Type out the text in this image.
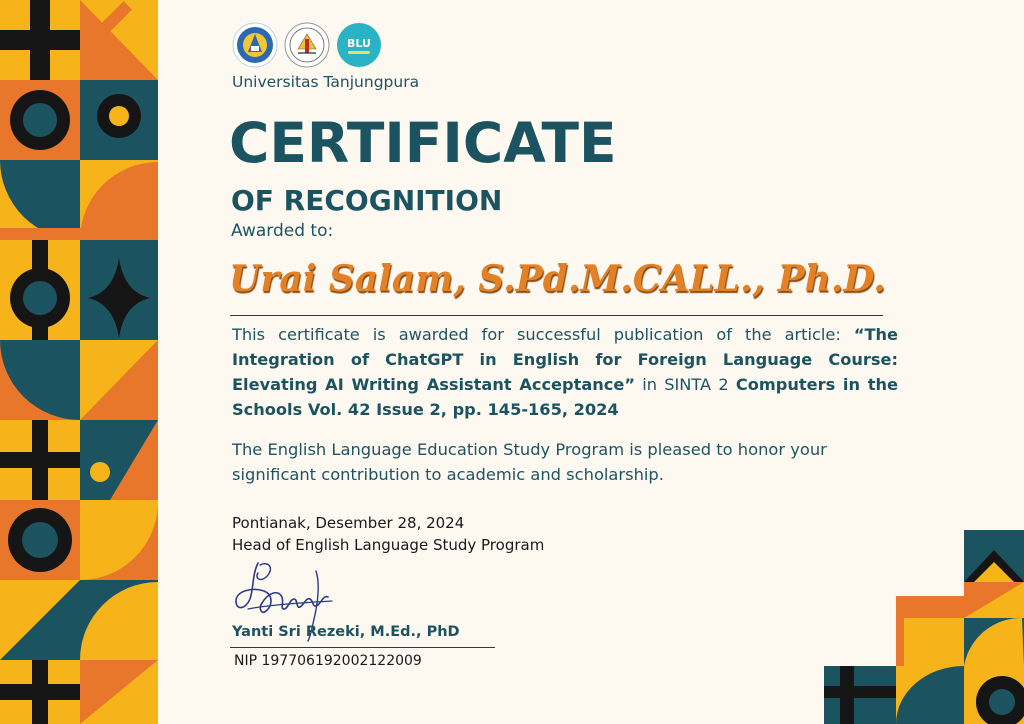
BLU
Universitas Tanjungpura
CERTIFICATE
OF RECOGNITION
Awarded to:
Urai Salam, S.Pd.M.CALL., Ph.D.
This certificate is awarded for successful publication of the article: “The Integration of ChatGPT in English for Foreign Language Course: Elevating AI Writing Assistant Acceptance” in SINTA 2 Computers in the Schools Vol. 42 Issue 2, pp. 145-165, 2024
The English Language Education Study Program is pleased to honor your significant contribution to academic and scholarship.
Pontianak, Desember 28, 2024
Head of English Language Study Program
Yanti Sri Rezeki, M.Ed., PhD
NIP 197706192002122009
